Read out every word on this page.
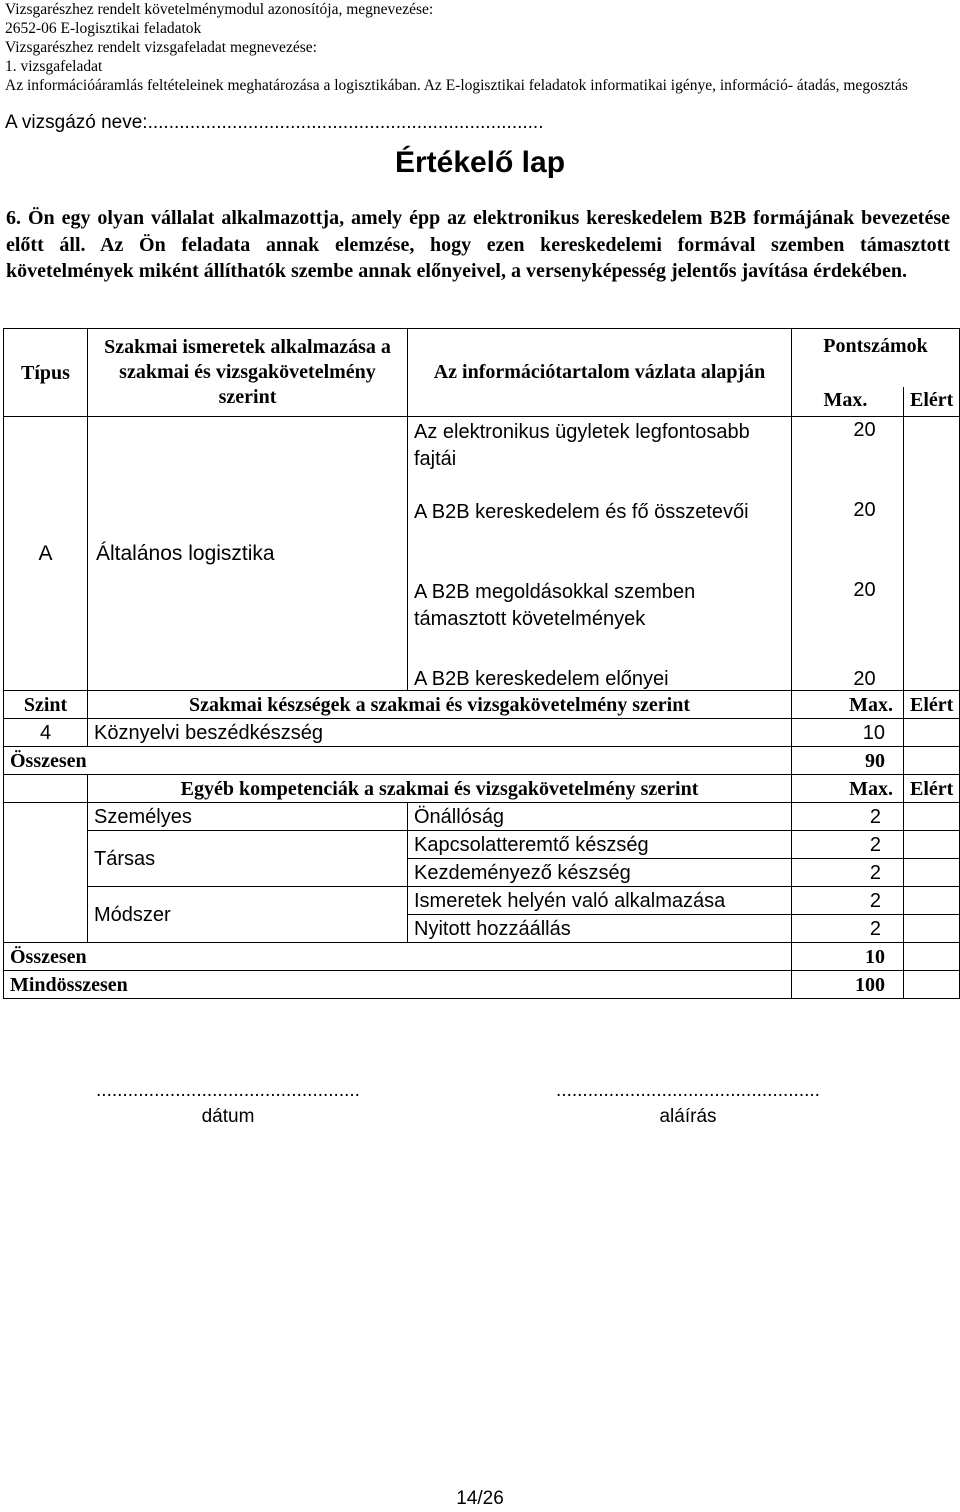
Vizsgarészhez rendelt követelménymodul azonosítója, megnevezése:
2652-06 E-logisztikai feladatok
Vizsgarészhez rendelt vizsgafeladat megnevezése:
1. vizsgafeladat
Az információáramlás feltételeinek meghatározása a logisztikában. Az E-logisztikai feladatok informatikai igénye, információ- átadás, megosztás
A vizsgázó neve:...........................................................................
Értékelő lap
6. Ön egy olyan vállalat alkalmazottja, amely épp az elektronikus kereskedelem B2B formájának bevezetése előtt áll. Az Ön feladata annak elemzése, hogy ezen kereskedelemi formával szemben támasztott követelmények miként állíthatók szembe annak előnyeivel, a versenyképesség jelentős javítása érdekében.
Típus	Szakmai ismeretek alkalmazása a szakmai és vizsgakövetelmény szerint	Az információtartalom vázlata alapján	Pontszámok	
			Max.	Elért
A	Általános logisztika	Az elektronikus ügyletek legfontosabb fajtái	20	
		A B2B kereskedelem és fő összetevői	20	
		A B2B megoldásokkal szemben támasztott követelmények	20	
		A B2B kereskedelem előnyei	20	
Szint	Szakmai készségek a szakmai és vizsgakövetelmény szerint		Max.	Elért
4	Köznyelvi beszédkészség		10	
Összesen			90	
	Egyéb kompetenciák a szakmai és vizsgakövetelmény szerint		Max.	Elért
	Személyes	Önállóság	2	
	Társas	Kapcsolatteremtő készség	2	
		Kezdeményező készség	2	
	Módszer	Ismeretek helyén való alkalmazása	2	
		Nyitott hozzáállás	2	
Összesen			10	
Mindösszesen			100	
..................................................
dátum
..................................................
aláírás
14/26
